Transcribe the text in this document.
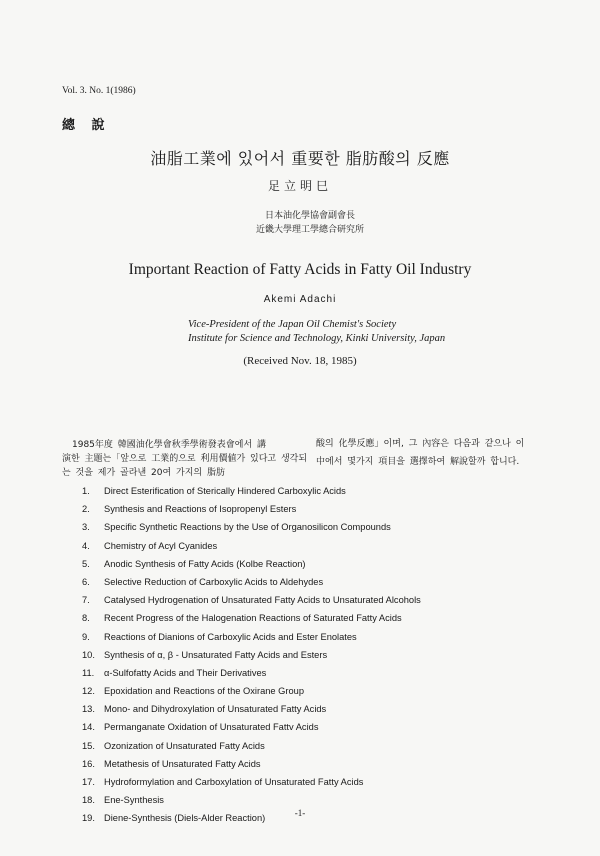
Vol. 3. No. 1(1986)
總 說
油脂工業에 있어서 重要한 脂肪酸의 反應
足立明巳
日本油化學協會副會長
近畿大學理工學總合研究所
Important Reaction of Fatty Acids in Fatty Oil Industry
Akemi Adachi
Vice-President of the Japan Oil Chemist's Society
Institute for Science and Technology, Kinki University, Japan
(Received Nov. 18, 1985)
1985年度 韓國油化學會秋季學術發表會에서 講
演한 主題는「앞으로 工業的으로 利用價値가 있다고 생각되는 것을 제가 골라낸 20여 가지의 脂肪
酸의 化學反應」이며, 그 內容은 다음과 같으나 이
中에서 몇가지 項目을 選擇하여 解說할까 합니다.
1. Direct Esterification of Sterically Hindered Carboxylic Acids
2. Synthesis and Reactions of Isopropenyl Esters
3. Specific Synthetic Reactions by the Use of Organosilicon Compounds
4. Chemistry of Acyl Cyanides
5. Anodic Synthesis of Fatty Acids (Kolbe Reaction)
6. Selective Reduction of Carboxylic Acids to Aldehydes
7. Catalysed Hydrogenation of Unsaturated Fatty Acids to Unsaturated Alcohols
8. Recent Progress of the Halogenation Reactions of Saturated Fatty Acids
9. Reactions of Dianions of Carboxylic Acids and Ester Enolates
10. Synthesis of α, β - Unsaturated Fatty Acids and Esters
11. α-Sulfofatty Acids and Their Derivatives
12. Epoxidation and Reactions of the Oxirane Group
13. Mono- and Dihydroxylation of Unsaturated Fatty Acids
14. Permanganate Oxidation of Unsaturated Fattv Acids
15. Ozonization of Unsaturated Fatty Acids
16. Metathesis of Unsaturated Fatty Acids
17. Hydroformylation and Carboxylation of Unsaturated Fatty Acids
18. Ene-Synthesis
19. Diene-Synthesis (Diels-Alder Reaction)
-1-
